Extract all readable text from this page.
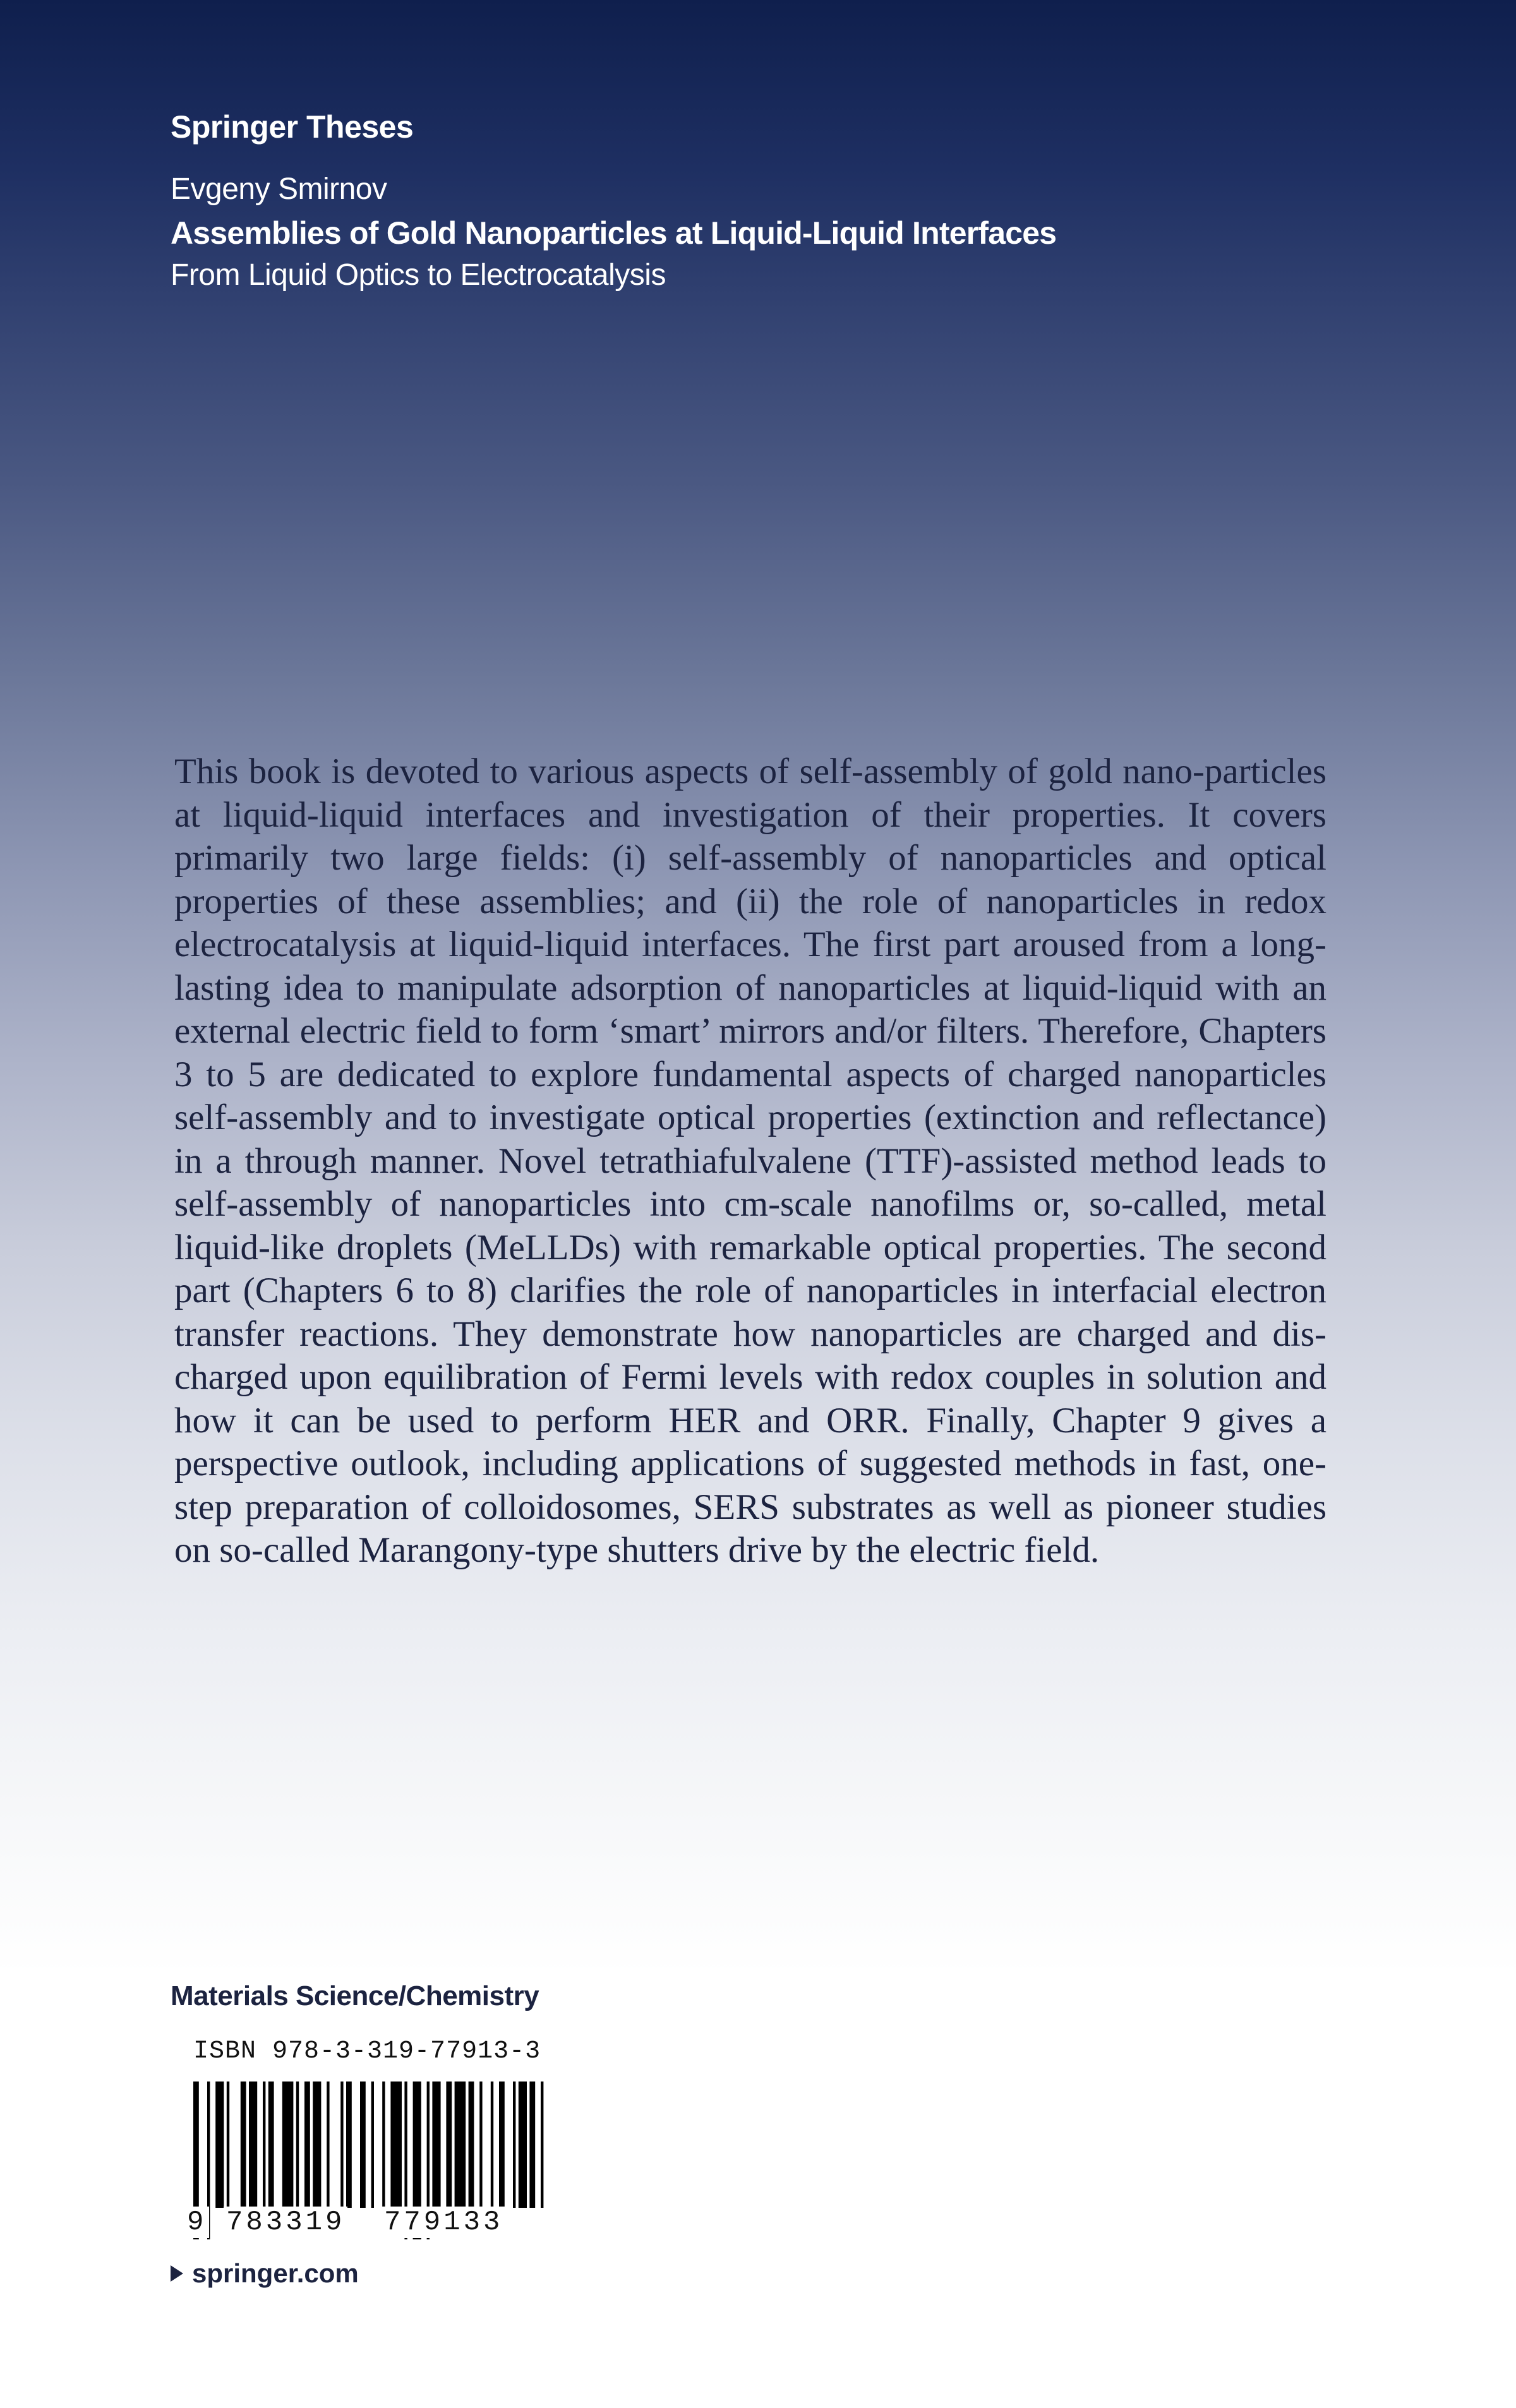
Springer Theses
Evgeny Smirnov
Assemblies of Gold Nanoparticles at Liquid-Liquid Interfaces
From Liquid Optics to Electrocatalysis
This book is devoted to various aspects of self-assembly of gold nano-particles at liquid-liquid interfaces and investigation of their properties. It covers primarily two large fields: (i) self-assembly of nanoparticles and optical properties of these assemblies; and (ii) the role of nanoparticles in redox electrocatalysis at liquid-liquid interfaces. The first part aroused from a long-lasting idea to manipulate adsorption of nanoparticles at liquid-liquid with an external electric field to form ‘smart’ mirrors and/or filters. Therefore, Chapters 3 to 5 are dedicated to explore fundamental aspects of charged nanoparticles self-assembly and to investigate optical properties (extinction and reflectance) in a through manner. Novel tetrathiafulvalene (TTF)-assisted method leads to self-assembly of nanoparticles into cm-scale nanofilms or, so-called, metal liquid-like droplets (MeLLDs) with remarkable optical properties. The second part (Chapters 6 to 8) clarifies the role of nanoparticles in interfacial electron transfer reactions. They demonstrate how nanoparticles are charged and discharged upon equilibration of Fermi levels with redox couples in solution and how it can be used to perform HER and ORR. Finally, Chapter 9 gives a perspective outlook, including applications of suggested methods in fast, one-step preparation of colloidosomes, SERS substrates as well as pioneer studies on so-called Marangony-type shutters drive by the electric field.
Materials Science/Chemistry
ISBN 978-3-319-77913-3
9 783319 779133
springer.com
